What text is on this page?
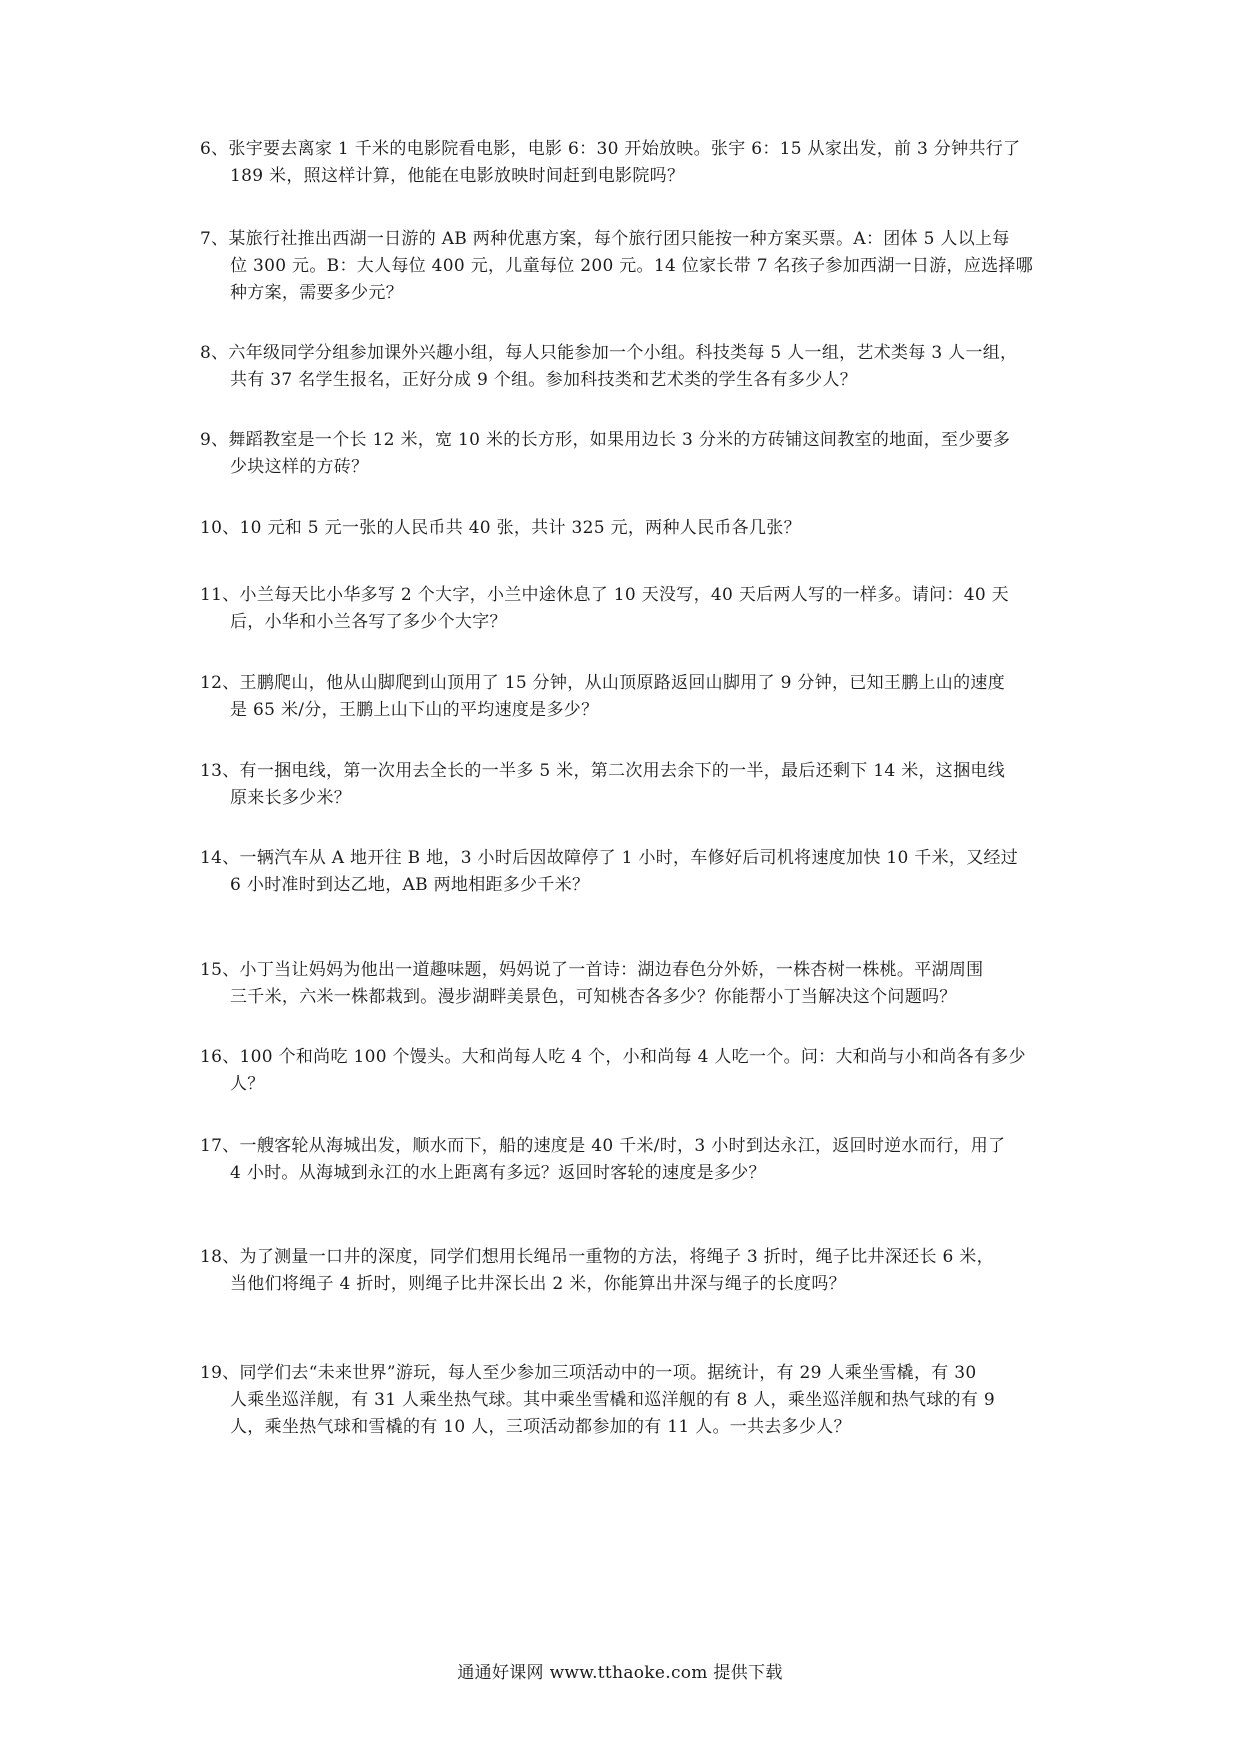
6、张宇要去离家 1 千米的电影院看电影，电影 6：30 开始放映。张宇 6：15 从家出发，前 3 分钟共行了
189 米，照这样计算，他能在电影放映时间赶到电影院吗？
7、某旅行社推出西湖一日游的 AB 两种优惠方案，每个旅行团只能按一种方案买票。A：团体 5 人以上每
位 300 元。B：大人每位 400 元，儿童每位 200 元。14 位家长带 7 名孩子参加西湖一日游，应选择哪
种方案，需要多少元？
8、六年级同学分组参加课外兴趣小组，每人只能参加一个小组。科技类每 5 人一组，艺术类每 3 人一组，
共有 37 名学生报名，正好分成 9 个组。参加科技类和艺术类的学生各有多少人？
9、舞蹈教室是一个长 12 米，宽 10 米的长方形，如果用边长 3 分米的方砖铺这间教室的地面，至少要多
少块这样的方砖？
10、10 元和 5 元一张的人民币共 40 张，共计 325 元，两种人民币各几张？
11、小兰每天比小华多写 2 个大字，小兰中途休息了 10 天没写，40 天后两人写的一样多。请问：40 天
后，小华和小兰各写了多少个大字？
12、王鹏爬山，他从山脚爬到山顶用了 15 分钟，从山顶原路返回山脚用了 9 分钟，已知王鹏上山的速度
是 65 米/分，王鹏上山下山的平均速度是多少？
13、有一捆电线，第一次用去全长的一半多 5 米，第二次用去余下的一半，最后还剩下 14 米，这捆电线
原来长多少米？
14、一辆汽车从 A 地开往 B 地，3 小时后因故障停了 1 小时，车修好后司机将速度加快 10 千米，又经过
6 小时准时到达乙地，AB 两地相距多少千米？
15、小丁当让妈妈为他出一道趣味题，妈妈说了一首诗：湖边春色分外娇，一株杏树一株桃。平湖周围
三千米，六米一株都栽到。漫步湖畔美景色，可知桃杏各多少？你能帮小丁当解决这个问题吗？
16、100 个和尚吃 100 个馒头。大和尚每人吃 4 个，小和尚每 4 人吃一个。问：大和尚与小和尚各有多少
人？
17、一艘客轮从海城出发，顺水而下，船的速度是 40 千米/时，3 小时到达永江，返回时逆水而行，用了
4 小时。从海城到永江的水上距离有多远？返回时客轮的速度是多少？
18、为了测量一口井的深度，同学们想用长绳吊一重物的方法，将绳子 3 折时，绳子比井深还长 6 米，
当他们将绳子 4 折时，则绳子比井深长出 2 米，你能算出井深与绳子的长度吗？
19、同学们去“未来世界”游玩，每人至少参加三项活动中的一项。据统计，有 29 人乘坐雪橇，有 30
人乘坐巡洋舰，有 31 人乘坐热气球。其中乘坐雪橇和巡洋舰的有 8 人，乘坐巡洋舰和热气球的有 9
人，乘坐热气球和雪橇的有 10 人，三项活动都参加的有 11 人。一共去多少人？
通通好课网 www.tthaoke.com 提供下载
